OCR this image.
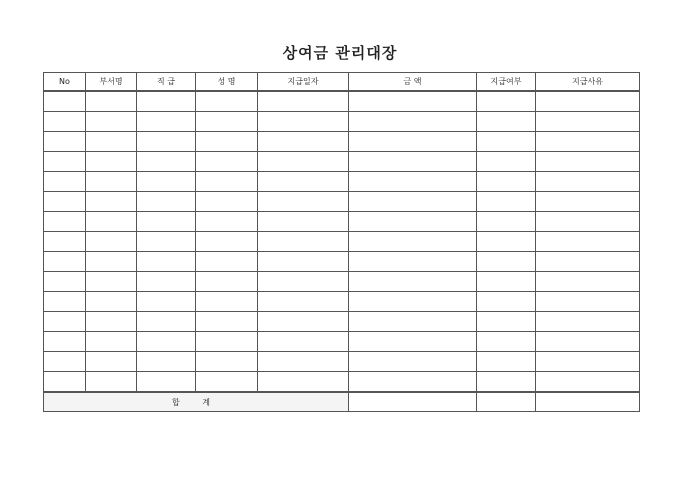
상여금 관리대장
No	부서명	직 급	성 명	지급일자	금 액	지급여부	지급사유

합 계							
